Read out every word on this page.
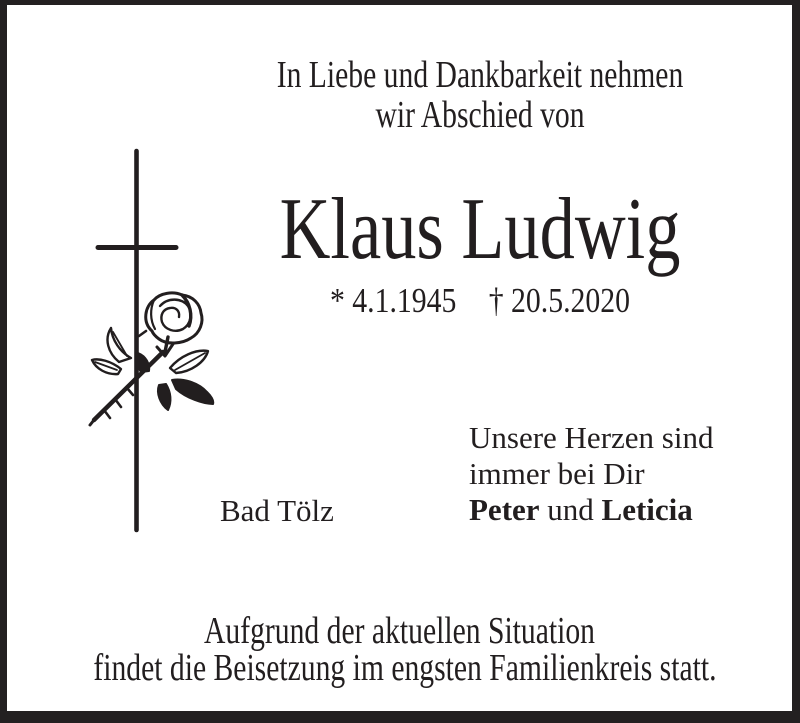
In Liebe und Dankbarkeit nehmen
wir Abschied von
Klaus Ludwig
* 4.1.1945 † 20.5.2020
Unsere Herzen sind
immer bei Dir
Peter und Leticia
Bad Tölz
Aufgrund der aktuellen Situation
findet die Beisetzung im engsten Familienkreis statt.
